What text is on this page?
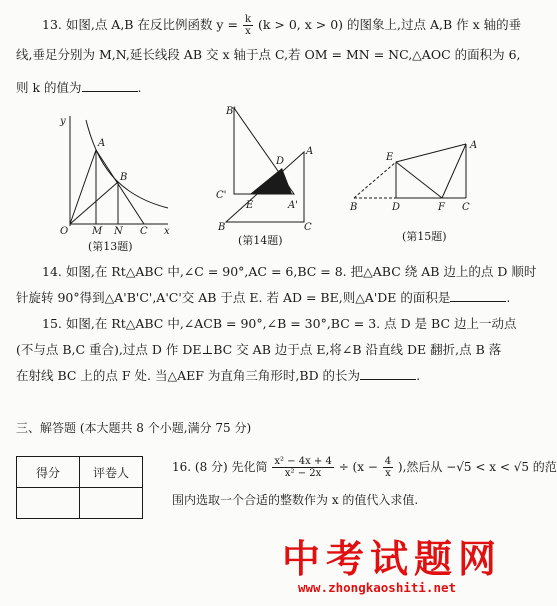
13. 如图,点 A,B 在反比例函数 $y = \frac{k}{x} (k > 0$, x > 0) 的图象上,过点 A,B 作 x 轴的垂
线,垂足分别为 M,N,延长线段 AB 交 x 轴于点 C,若 OM = MN = NC,△AOC 的面积为 6,
则 k 的值为	.
y
A
B
O M N C x
(第13题)
B'
D
A
C'
E	A'
B	C
(第14题)
A
E
B	D	F C
(第15题)
14. 如图,在 Rt△ABC 中,∠C = 90°,AC = 6,BC = 8. 把△ABC 绕 AB 边上的点 D 顺时
针旋转 90°得到△A'B'C',A'C'交 AB 于点 E. 若 AD = BE,则△A'DE 的面积是	.
15. 如图,在 Rt△ABC 中,∠ACB = 90°,∠B = 30°,BC = 3. 点 D 是 BC 边上一动点
(不与点 B,C 重合),过点 D 作 DE⊥BC 交 AB 边于点 E,将∠B 沿直线 DE 翻折,点 B 落
在射线 BC 上的点 F 处. 当△AEF 为直角三角形时,BD 的长为	.
三、解答题 (本大题共 8 个小题,满分 75 分)
得分	评卷人
		16. (8 分) 先化简 $\frac{\text{x² − 4x + 4}}{\text{x² − 2x}} \div (x - \frac{4}{x}$ ),然后从 −√5 < x < √5 的范
围内选取一个合适的整数作为 x 的值代入求值.
中考试题网
www.zhongkaoshiti.net
